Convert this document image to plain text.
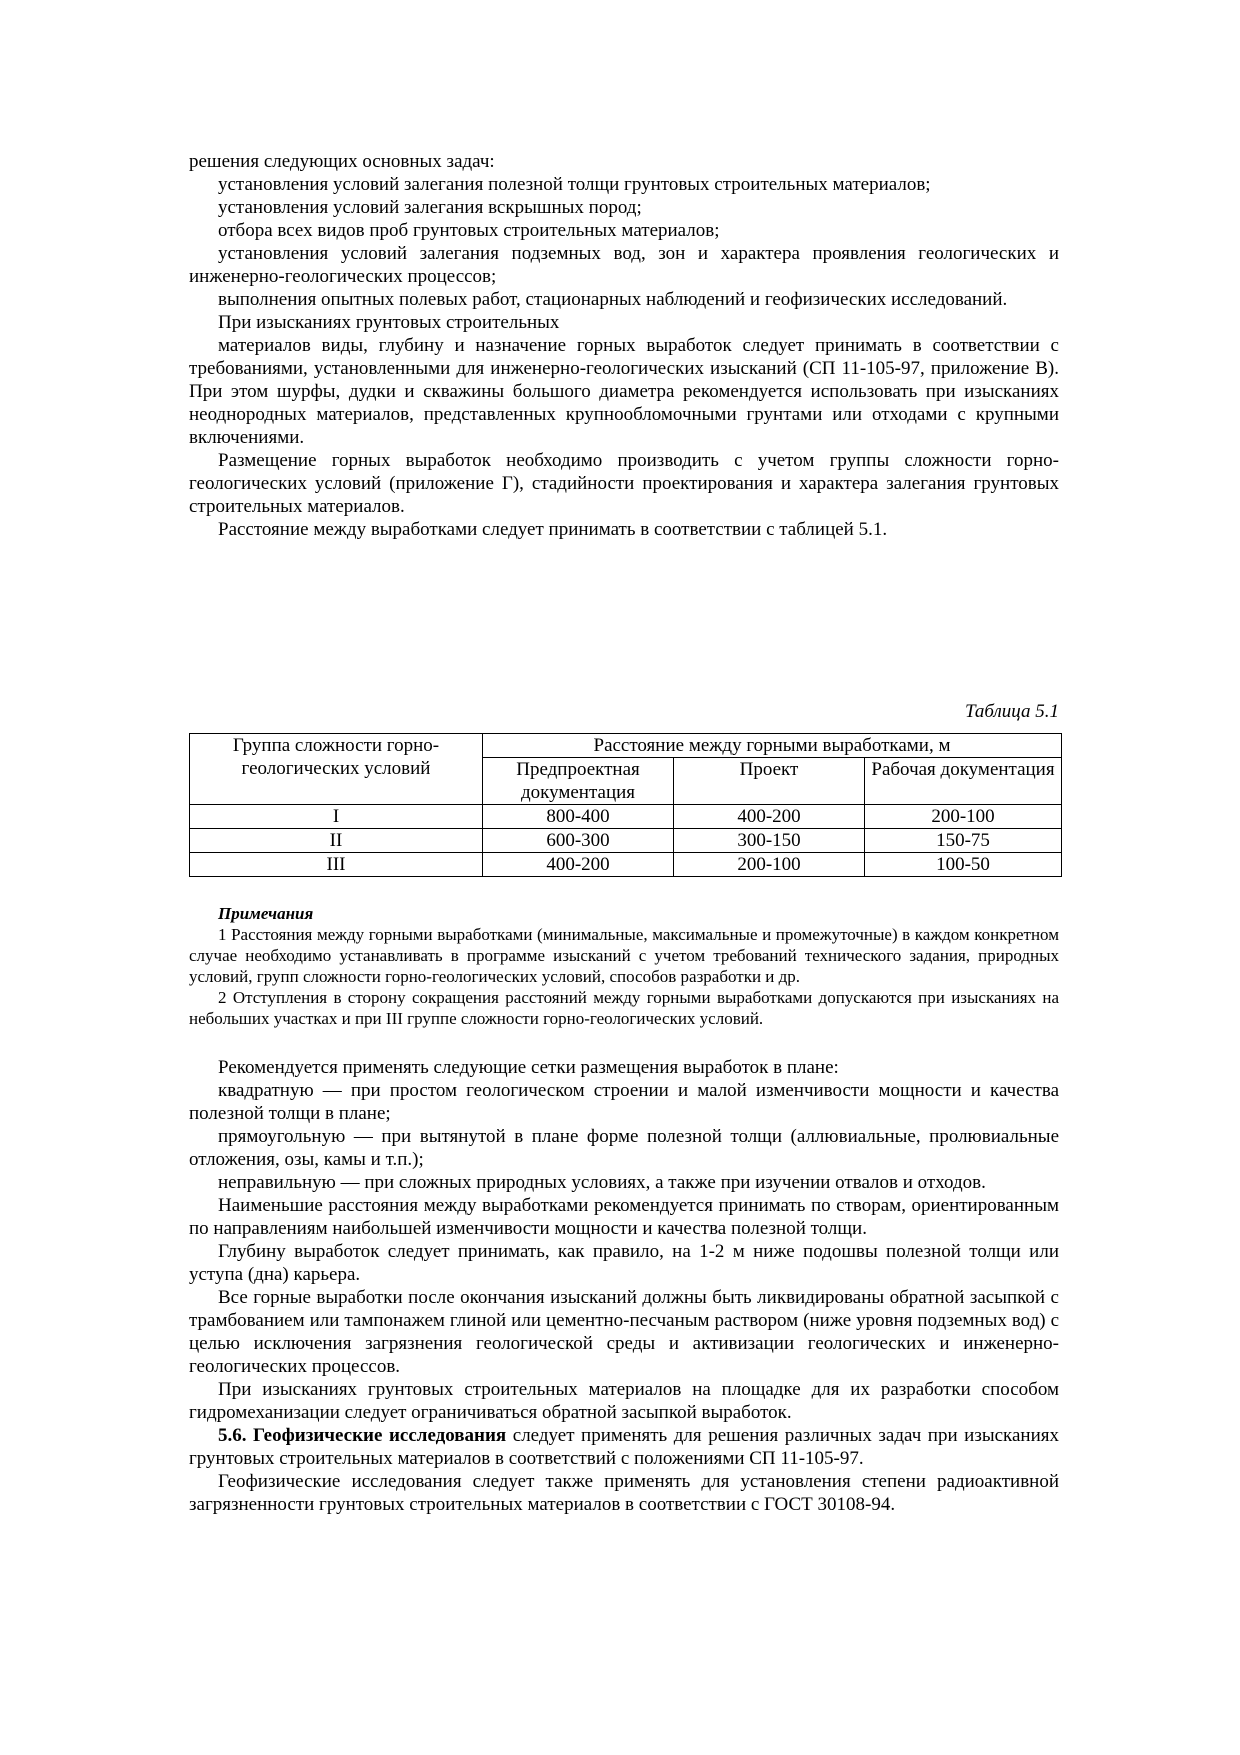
решения следующих основных задач:

установления условий залегания полезной толщи грунтовых строительных материалов;

установления условий залегания вскрышных пород;

отбора всех видов проб грунтовых строительных материалов;

установления условий залегания подземных вод, зон и характера проявления геологических и инженерно-геологических процессов;

выполнения опытных полевых работ, стационарных наблюдений и геофизических исследований.

При изысканиях грунтовых строительных

материалов виды, глубину и назначение горных выработок следует принимать в соответствии с требованиями, установленными для инженерно-геологических изысканий (СП 11-105-97, приложение В). При этом шурфы, дудки и скважины большого диаметра рекомендуется использовать при изысканиях неоднородных материалов, представленных крупнообломочными грунтами или отходами с крупными включениями.

Размещение горных выработок необходимо производить с учетом группы сложности горно-геологических условий (приложение Г), стадийности проектирования и характера залегания грунтовых строительных материалов.

Расстояние между выработками следует принимать в соответствии с таблицей 5.1.

Таблица 5.1

Группа сложности горно-геологических условий	Расстояние между горными выработками, м		
	Предпроектная документация	Проект	Рабочая документация
I	800-400	400-200	200-100
II	600-300	300-150	150-75
III	400-200	200-100	100-50

Примечания

1 Расстояния между горными выработками (минимальные, максимальные и промежуточные) в каждом конкретном случае необходимо устанавливать в программе изысканий с учетом требований технического задания, природных условий, групп сложности горно-геологических условий, способов разработки и др.

2 Отступления в сторону сокращения расстояний между горными выработками допускаются при изысканиях на небольших участках и при III группе сложности горно-геологических условий.

Рекомендуется применять следующие сетки размещения выработок в плане:

квадратную — при простом геологическом строении и малой изменчивости мощности и качества полезной толщи в плане;

прямоугольную — при вытянутой в плане форме полезной толщи (аллювиальные, пролювиальные отложения, озы, камы и т.п.);

неправильную — при сложных природных условиях, а также при изучении отвалов и отходов.

Наименьшие расстояния между выработками рекомендуется принимать по створам, ориентированным по направлениям наибольшей изменчивости мощности и качества полезной толщи.

Глубину выработок следует принимать, как правило, на 1-2 м ниже подошвы полезной толщи или уступа (дна) карьера.

Все горные выработки после окончания изысканий должны быть ликвидированы обратной засыпкой с трамбованием или тампонажем глиной или цементно-песчаным раствором (ниже уровня подземных вод) с целью исключения загрязнения геологической среды и активизации геологических и инженерно-геологических процессов.

При изысканиях грунтовых строительных материалов на площадке для их разработки способом гидромеханизации следует ограничиваться обратной засыпкой выработок.

5.6. Геофизические исследования следует применять для решения различных задач при изысканиях грунтовых строительных материалов в соответствий с положениями СП 11-105-97.

Геофизические исследования следует также применять для установления степени радиоактивной загрязненности грунтовых строительных материалов в соответствии с ГОСТ 30108-94.
